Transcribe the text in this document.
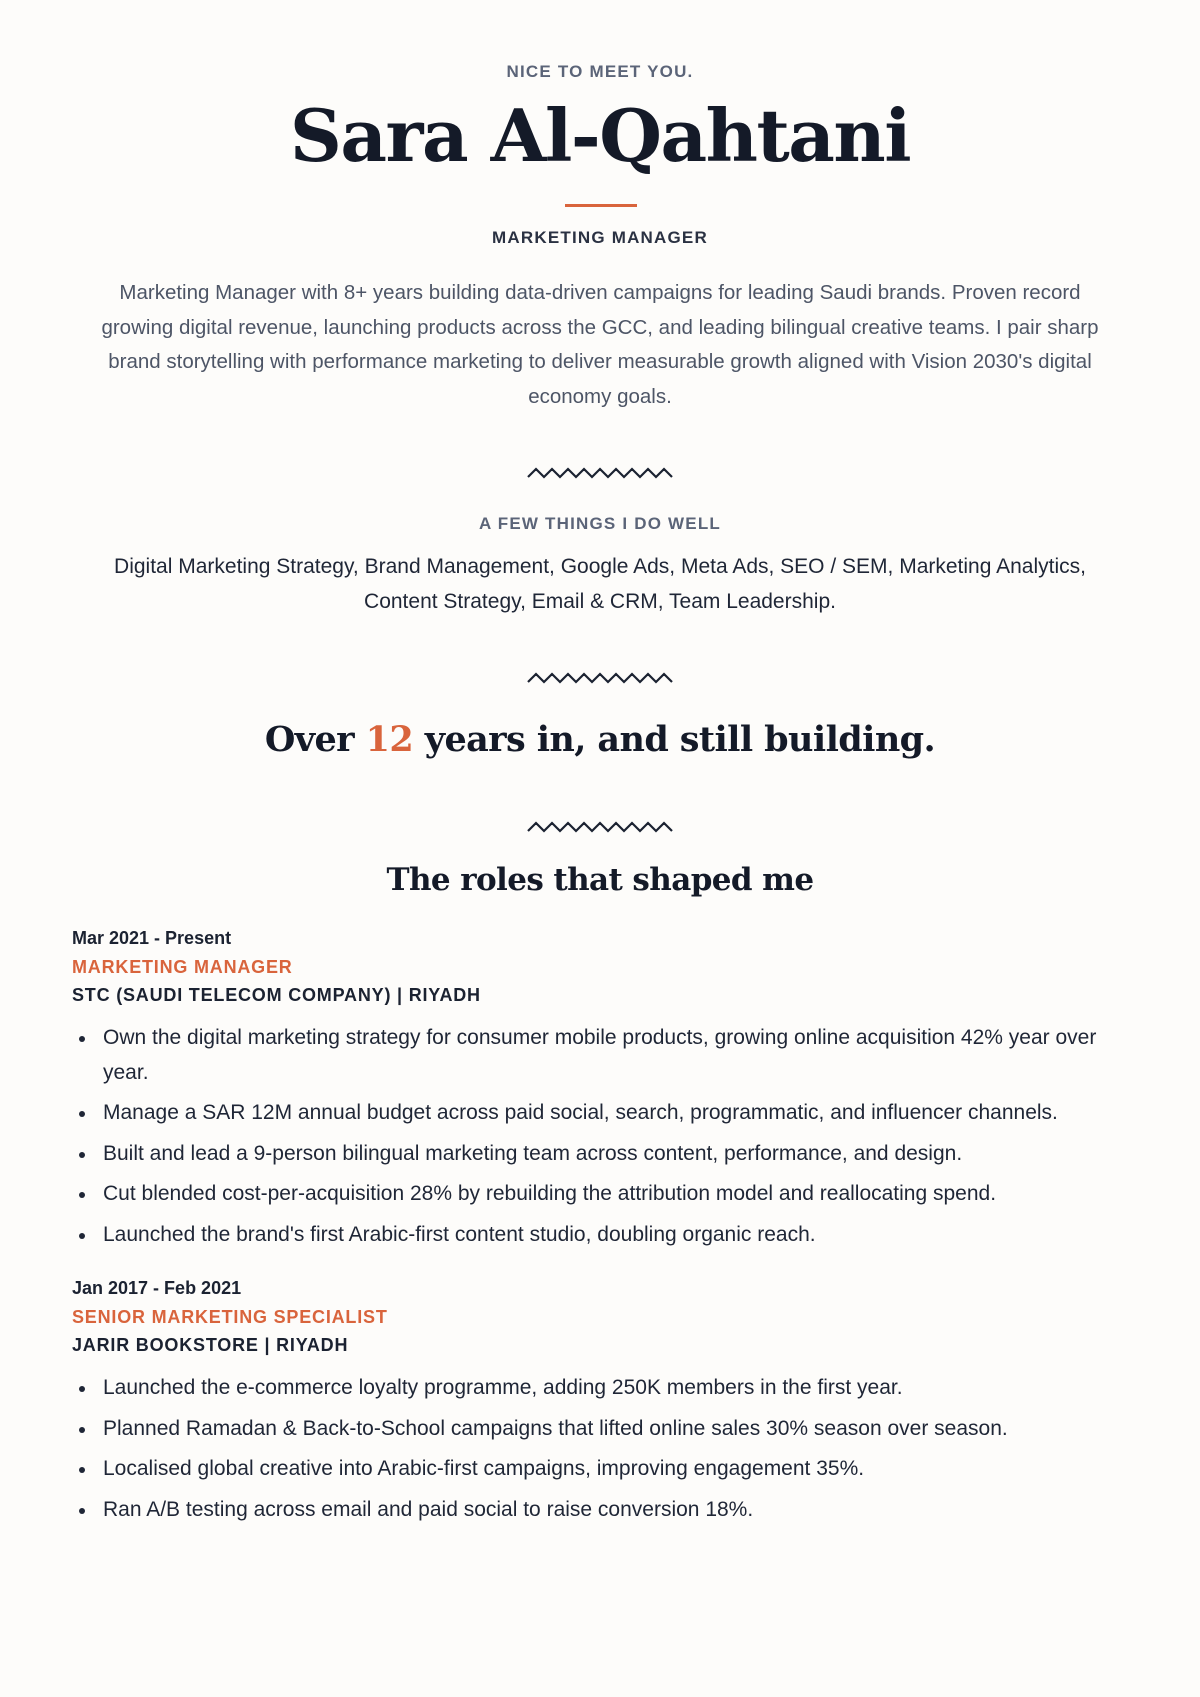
NICE TO MEET YOU.
Sara Al-Qahtani
MARKETING MANAGER
Marketing Manager with 8+ years building data-driven campaigns for leading Saudi brands. Proven record growing digital revenue, launching products across the GCC, and leading bilingual creative teams. I pair sharp brand storytelling with performance marketing to deliver measurable growth aligned with Vision 2030's digital economy goals.
A FEW THINGS I DO WELL
Digital Marketing Strategy, Brand Management, Google Ads, Meta Ads, SEO / SEM, Marketing Analytics, Content Strategy, Email & CRM, Team Leadership.
Over 12 years in, and still building.
The roles that shaped me
Mar 2021 - Present
MARKETING MANAGER
STC (SAUDI TELECOM COMPANY) | RIYADH
Own the digital marketing strategy for consumer mobile products, growing online acquisition 42% year over year.
Manage a SAR 12M annual budget across paid social, search, programmatic, and influencer channels.
Built and lead a 9-person bilingual marketing team across content, performance, and design.
Cut blended cost-per-acquisition 28% by rebuilding the attribution model and reallocating spend.
Launched the brand's first Arabic-first content studio, doubling organic reach.
Jan 2017 - Feb 2021
SENIOR MARKETING SPECIALIST
JARIR BOOKSTORE | RIYADH
Launched the e-commerce loyalty programme, adding 250K members in the first year.
Planned Ramadan & Back-to-School campaigns that lifted online sales 30% season over season.
Localised global creative into Arabic-first campaigns, improving engagement 35%.
Ran A/B testing across email and paid social to raise conversion 18%.
